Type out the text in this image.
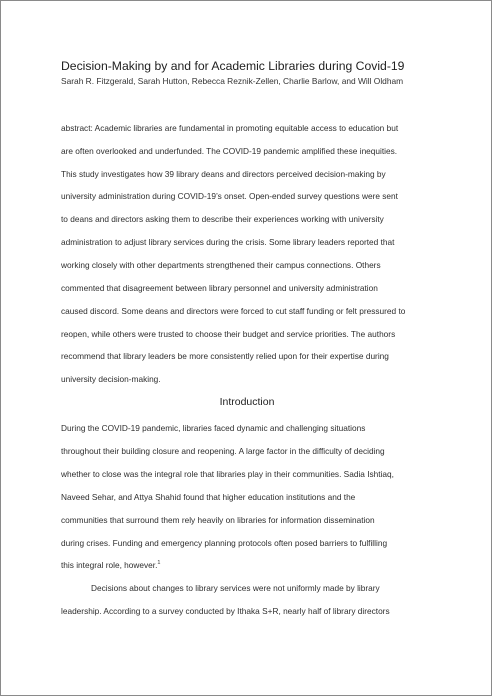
Decision-Making by and for Academic Libraries during Covid-19
Sarah R. Fitzgerald, Sarah Hutton, Rebecca Reznik-Zellen, Charlie Barlow, and Will Oldham
abstract: Academic libraries are fundamental in promoting equitable access to education but
are often overlooked and underfunded. The COVID-19 pandemic amplified these inequities.
This study investigates how 39 library deans and directors perceived decision-making by
university administration during COVID-19’s onset. Open-ended survey questions were sent
to deans and directors asking them to describe their experiences working with university
administration to adjust library services during the crisis. Some library leaders reported that
working closely with other departments strengthened their campus connections. Others
commented that disagreement between library personnel and university administration
caused discord. Some deans and directors were forced to cut staff funding or felt pressured to
reopen, while others were trusted to choose their budget and service priorities. The authors
recommend that library leaders be more consistently relied upon for their expertise during
university decision-making.
Introduction
During the COVID-19 pandemic, libraries faced dynamic and challenging situations
throughout their building closure and reopening. A large factor in the difficulty of deciding
whether to close was the integral role that libraries play in their communities. Sadia Ishtiaq,
Naveed Sehar, and Attya Shahid found that higher education institutions and the
communities that surround them rely heavily on libraries for information dissemination
during crises. Funding and emergency planning protocols often posed barriers to fulfilling
this integral role, however.$^1$
Decisions about changes to library services were not uniformly made by library
leadership. According to a survey conducted by Ithaka S+R, nearly half of library directors
